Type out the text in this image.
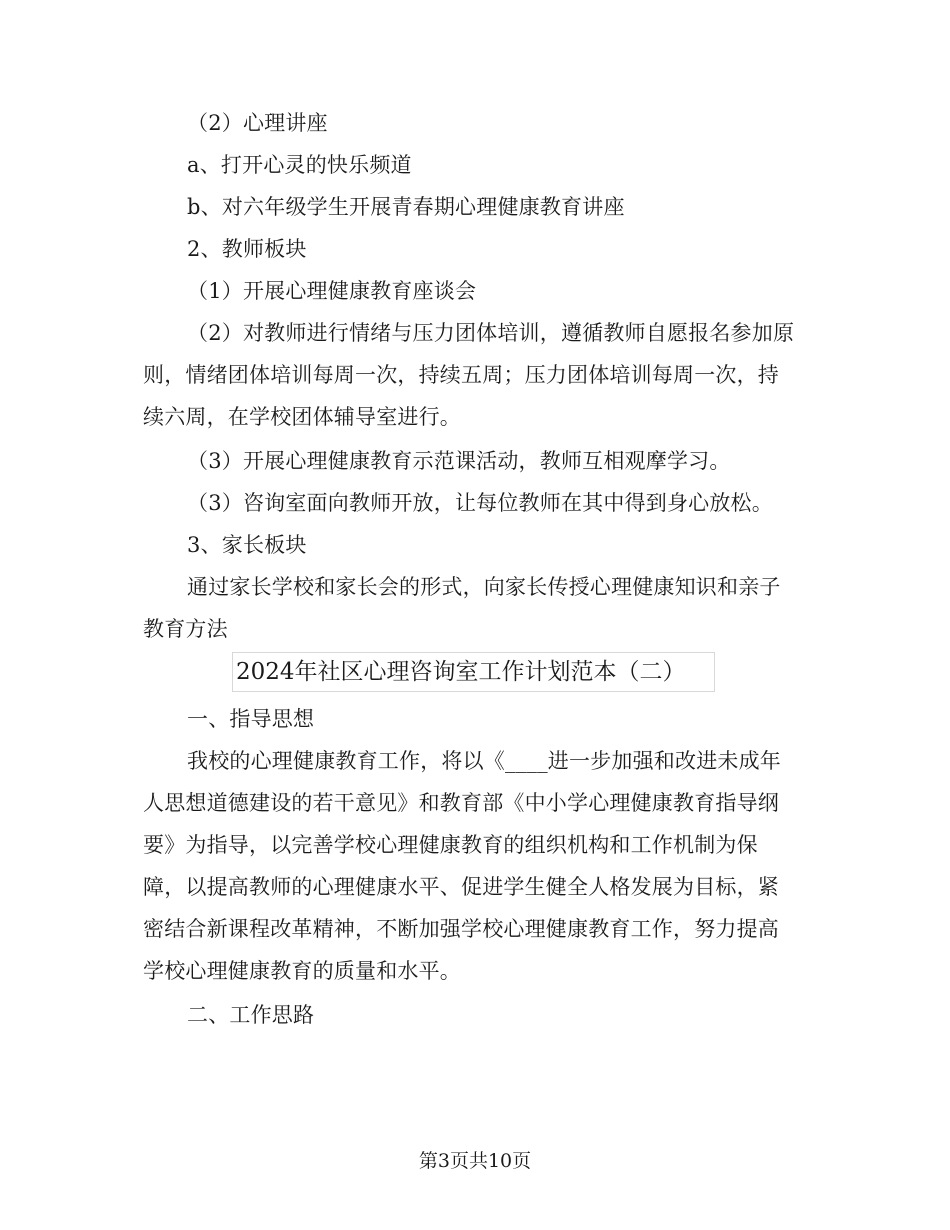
（2）心理讲座
a、打开心灵的快乐频道
b、对六年级学生开展青春期心理健康教育讲座
2、教师板块
（1）开展心理健康教育座谈会
（2）对教师进行情绪与压力团体培训，遵循教师自愿报名参加原
则，情绪团体培训每周一次，持续五周；压力团体培训每周一次，持
续六周，在学校团体辅导室进行。
（3）开展心理健康教育示范课活动，教师互相观摩学习。
（3）咨询室面向教师开放，让每位教师在其中得到身心放松。
3、家长板块
通过家长学校和家长会的形式，向家长传授心理健康知识和亲子
教育方法
2024年社区心理咨询室工作计划范本（二）
一、指导思想
我校的心理健康教育工作，将以《____进一步加强和改进未成年
人思想道德建设的若干意见》和教育部《中小学心理健康教育指导纲
要》为指导，以完善学校心理健康教育的组织机构和工作机制为保
障，以提高教师的心理健康水平、促进学生健全人格发展为目标，紧
密结合新课程改革精神，不断加强学校心理健康教育工作，努力提高
学校心理健康教育的质量和水平。
二、工作思路
第3页共10页
